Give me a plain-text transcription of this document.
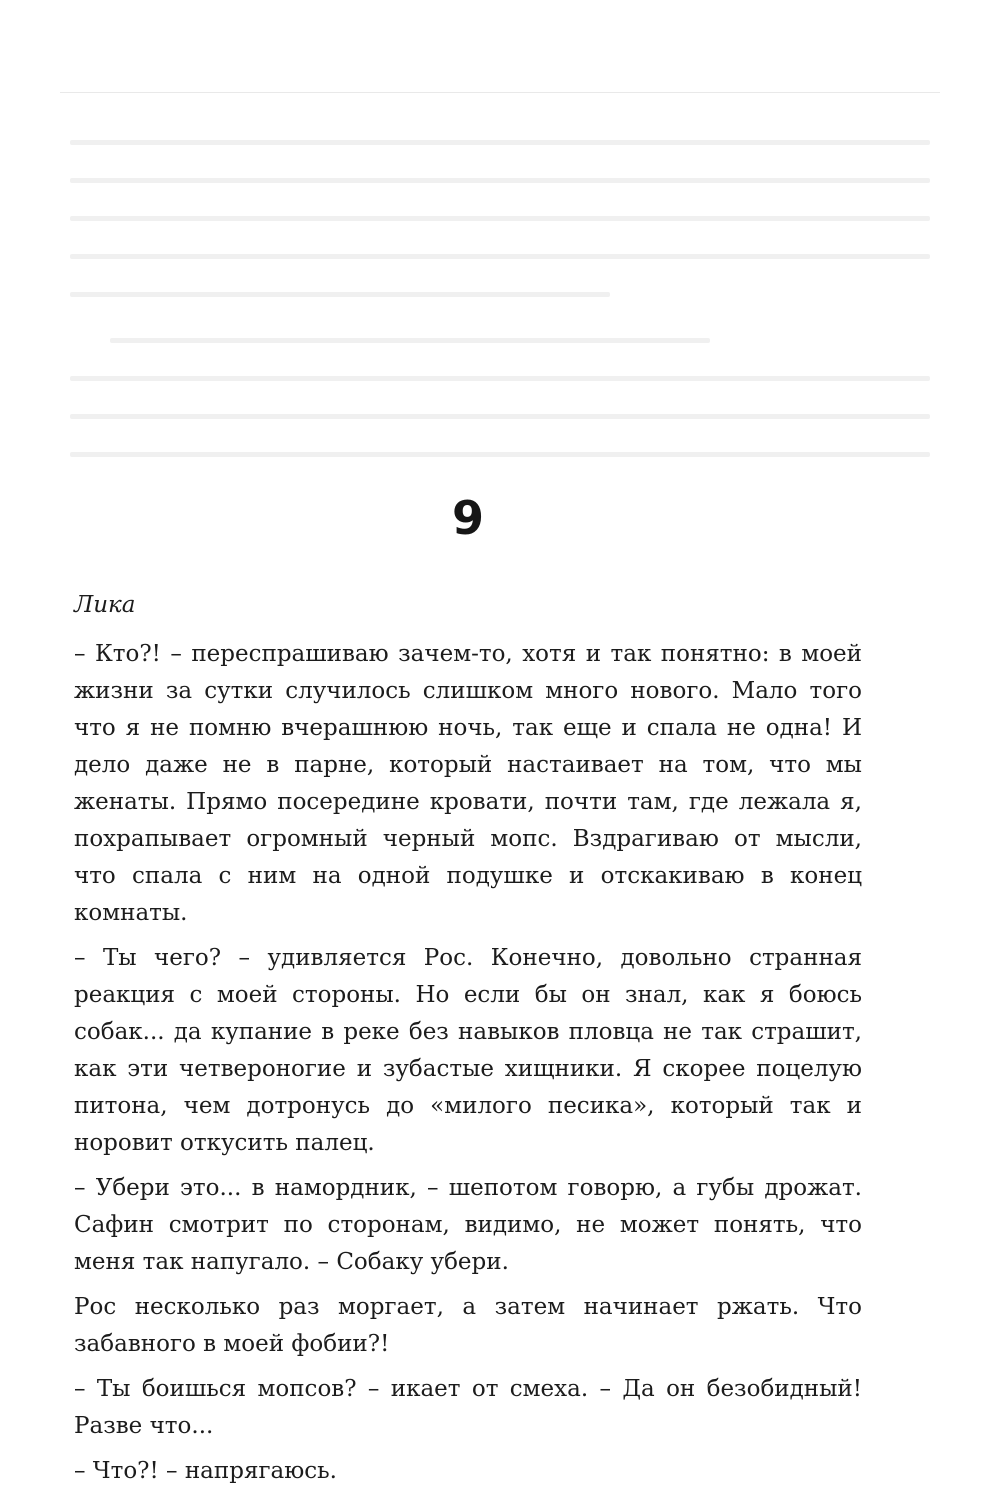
9
Лика

– Кто?! – переспрашиваю зачем-то, хотя и так понятно: в моей жизни за сутки случилось слишком много нового. Мало того что я не помню вчерашнюю ночь, так еще и спала не одна! И дело даже не в парне, который настаивает на том, что мы женаты. Прямо посередине кровати, почти там, где лежала я, похрапывает огромный черный мопс. Вздрагиваю от мысли, что спала с ним на одной подушке и отскакиваю в конец комнаты.

– Ты чего? – удивляется Рос. Конечно, довольно странная реакция с моей стороны. Но если бы он знал, как я боюсь собак... да купание в реке без навыков пловца не так страшит, как эти четвероногие и зубастые хищники. Я скорее поцелую питона, чем дотронусь до «милого песика», который так и норовит откусить палец.

– Убери это... в намордник, – шепотом говорю, а губы дрожат. Сафин смотрит по сторонам, видимо, не может понять, что меня так напугало. – Собаку убери.

Рос несколько раз моргает, а затем начинает ржать. Что забавного в моей фобии?!

– Ты боишься мопсов? – икает от смеха. – Да он безобидный! Разве что...

– Что?! – напрягаюсь.
